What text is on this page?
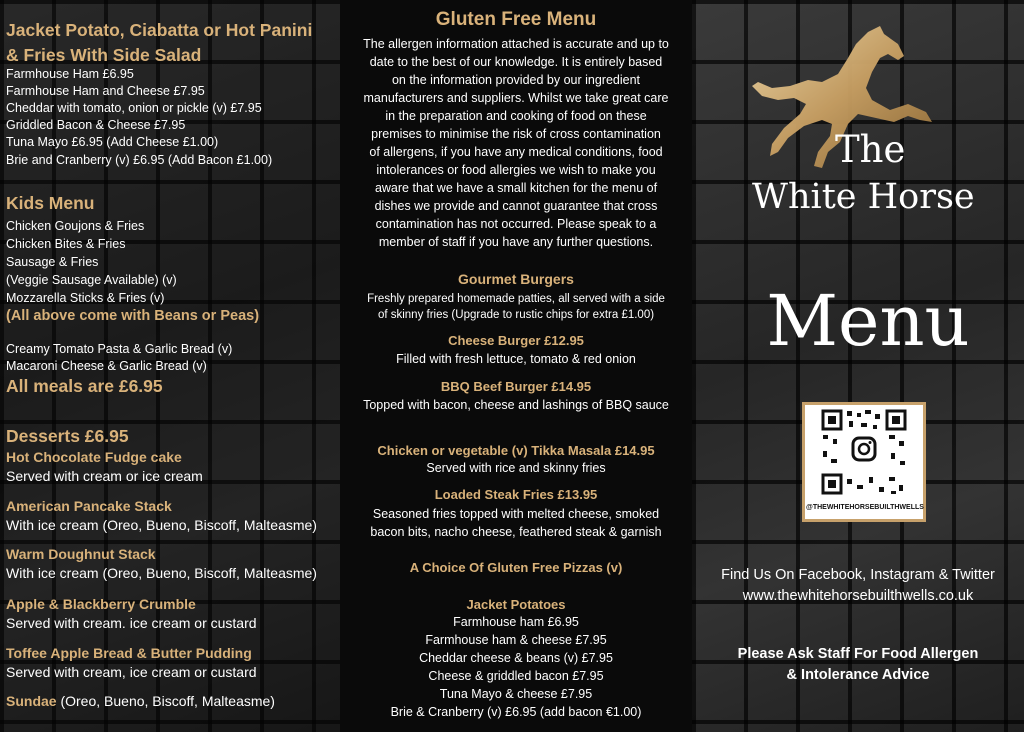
Jacket Potato, Ciabatta or Hot Panini
& Fries With Side Salad
Farmhouse Ham £6.95
Farmhouse Ham and Cheese £7.95
Cheddar with tomato, onion or pickle (v) £7.95
Griddled Bacon & Cheese £7.95
Tuna Mayo £6.95 (Add Cheese £1.00)
Brie and Cranberry (v) £6.95 (Add Bacon £1.00)
Kids Menu
Chicken Goujons & Fries
Chicken Bites & Fries
Sausage & Fries
(Veggie Sausage Available) (v)
Mozzarella Sticks & Fries (v)
(All above come with Beans or Peas)
Creamy Tomato Pasta & Garlic Bread (v)
Macaroni Cheese & Garlic Bread (v)
All meals are £6.95
Desserts £6.95
Hot Chocolate Fudge cake
Served with cream or ice cream
American Pancake Stack
With ice cream (Oreo, Bueno, Biscoff, Malteasme)
Warm Doughnut Stack
With ice cream (Oreo, Bueno, Biscoff, Malteasme)
Apple & Blackberry Crumble
Served with cream. ice cream or custard
Toffee Apple Bread & Butter Pudding
Served with cream, ice cream or custard
Sundae (Oreo, Bueno, Biscoff, Malteasme)
Gluten Free Menu
The allergen information attached is accurate and up to
date to the best of our knowledge. It is entirely based
on the information provided by our ingredient
manufacturers and suppliers. Whilst we take great care
in the preparation and cooking of food on these
premises to minimise the risk of cross contamination
of allergens, if you have any medical conditions, food
intolerances or food allergies we wish to make you
aware that we have a small kitchen for the menu of
dishes we provide and cannot guarantee that cross
contamination has not occurred. Please speak to a
member of staff if you have any further questions.
Gourmet Burgers
Freshly prepared homemade patties, all served with a side
of skinny fries (Upgrade to rustic chips for extra £1.00)
Cheese Burger £12.95
Filled with fresh lettuce, tomato & red onion
BBQ Beef Burger £14.95
Topped with bacon, cheese and lashings of BBQ sauce
Chicken or vegetable (v) Tikka Masala £14.95
Served with rice and skinny fries
Loaded Steak Fries £13.95
Seasoned fries topped with melted cheese, smoked
bacon bits, nacho cheese, feathered steak & garnish
A Choice Of Gluten Free Pizzas (v)
Jacket Potatoes
Farmhouse ham £6.95
Farmhouse ham & cheese £7.95
Cheddar cheese & beans (v) £7.95
Cheese & griddled bacon £7.95
Tuna Mayo & cheese £7.95
Brie & Cranberry (v) £6.95 (add bacon €1.00)
The
White Horse
Menu
@THEWHITEHORSEBUILTHWELLS
Find Us On Facebook, Instagram & Twitter
www.thewhitehorsebuilthwells.co.uk
Please Ask Staff For Food Allergen
& Intolerance Advice
